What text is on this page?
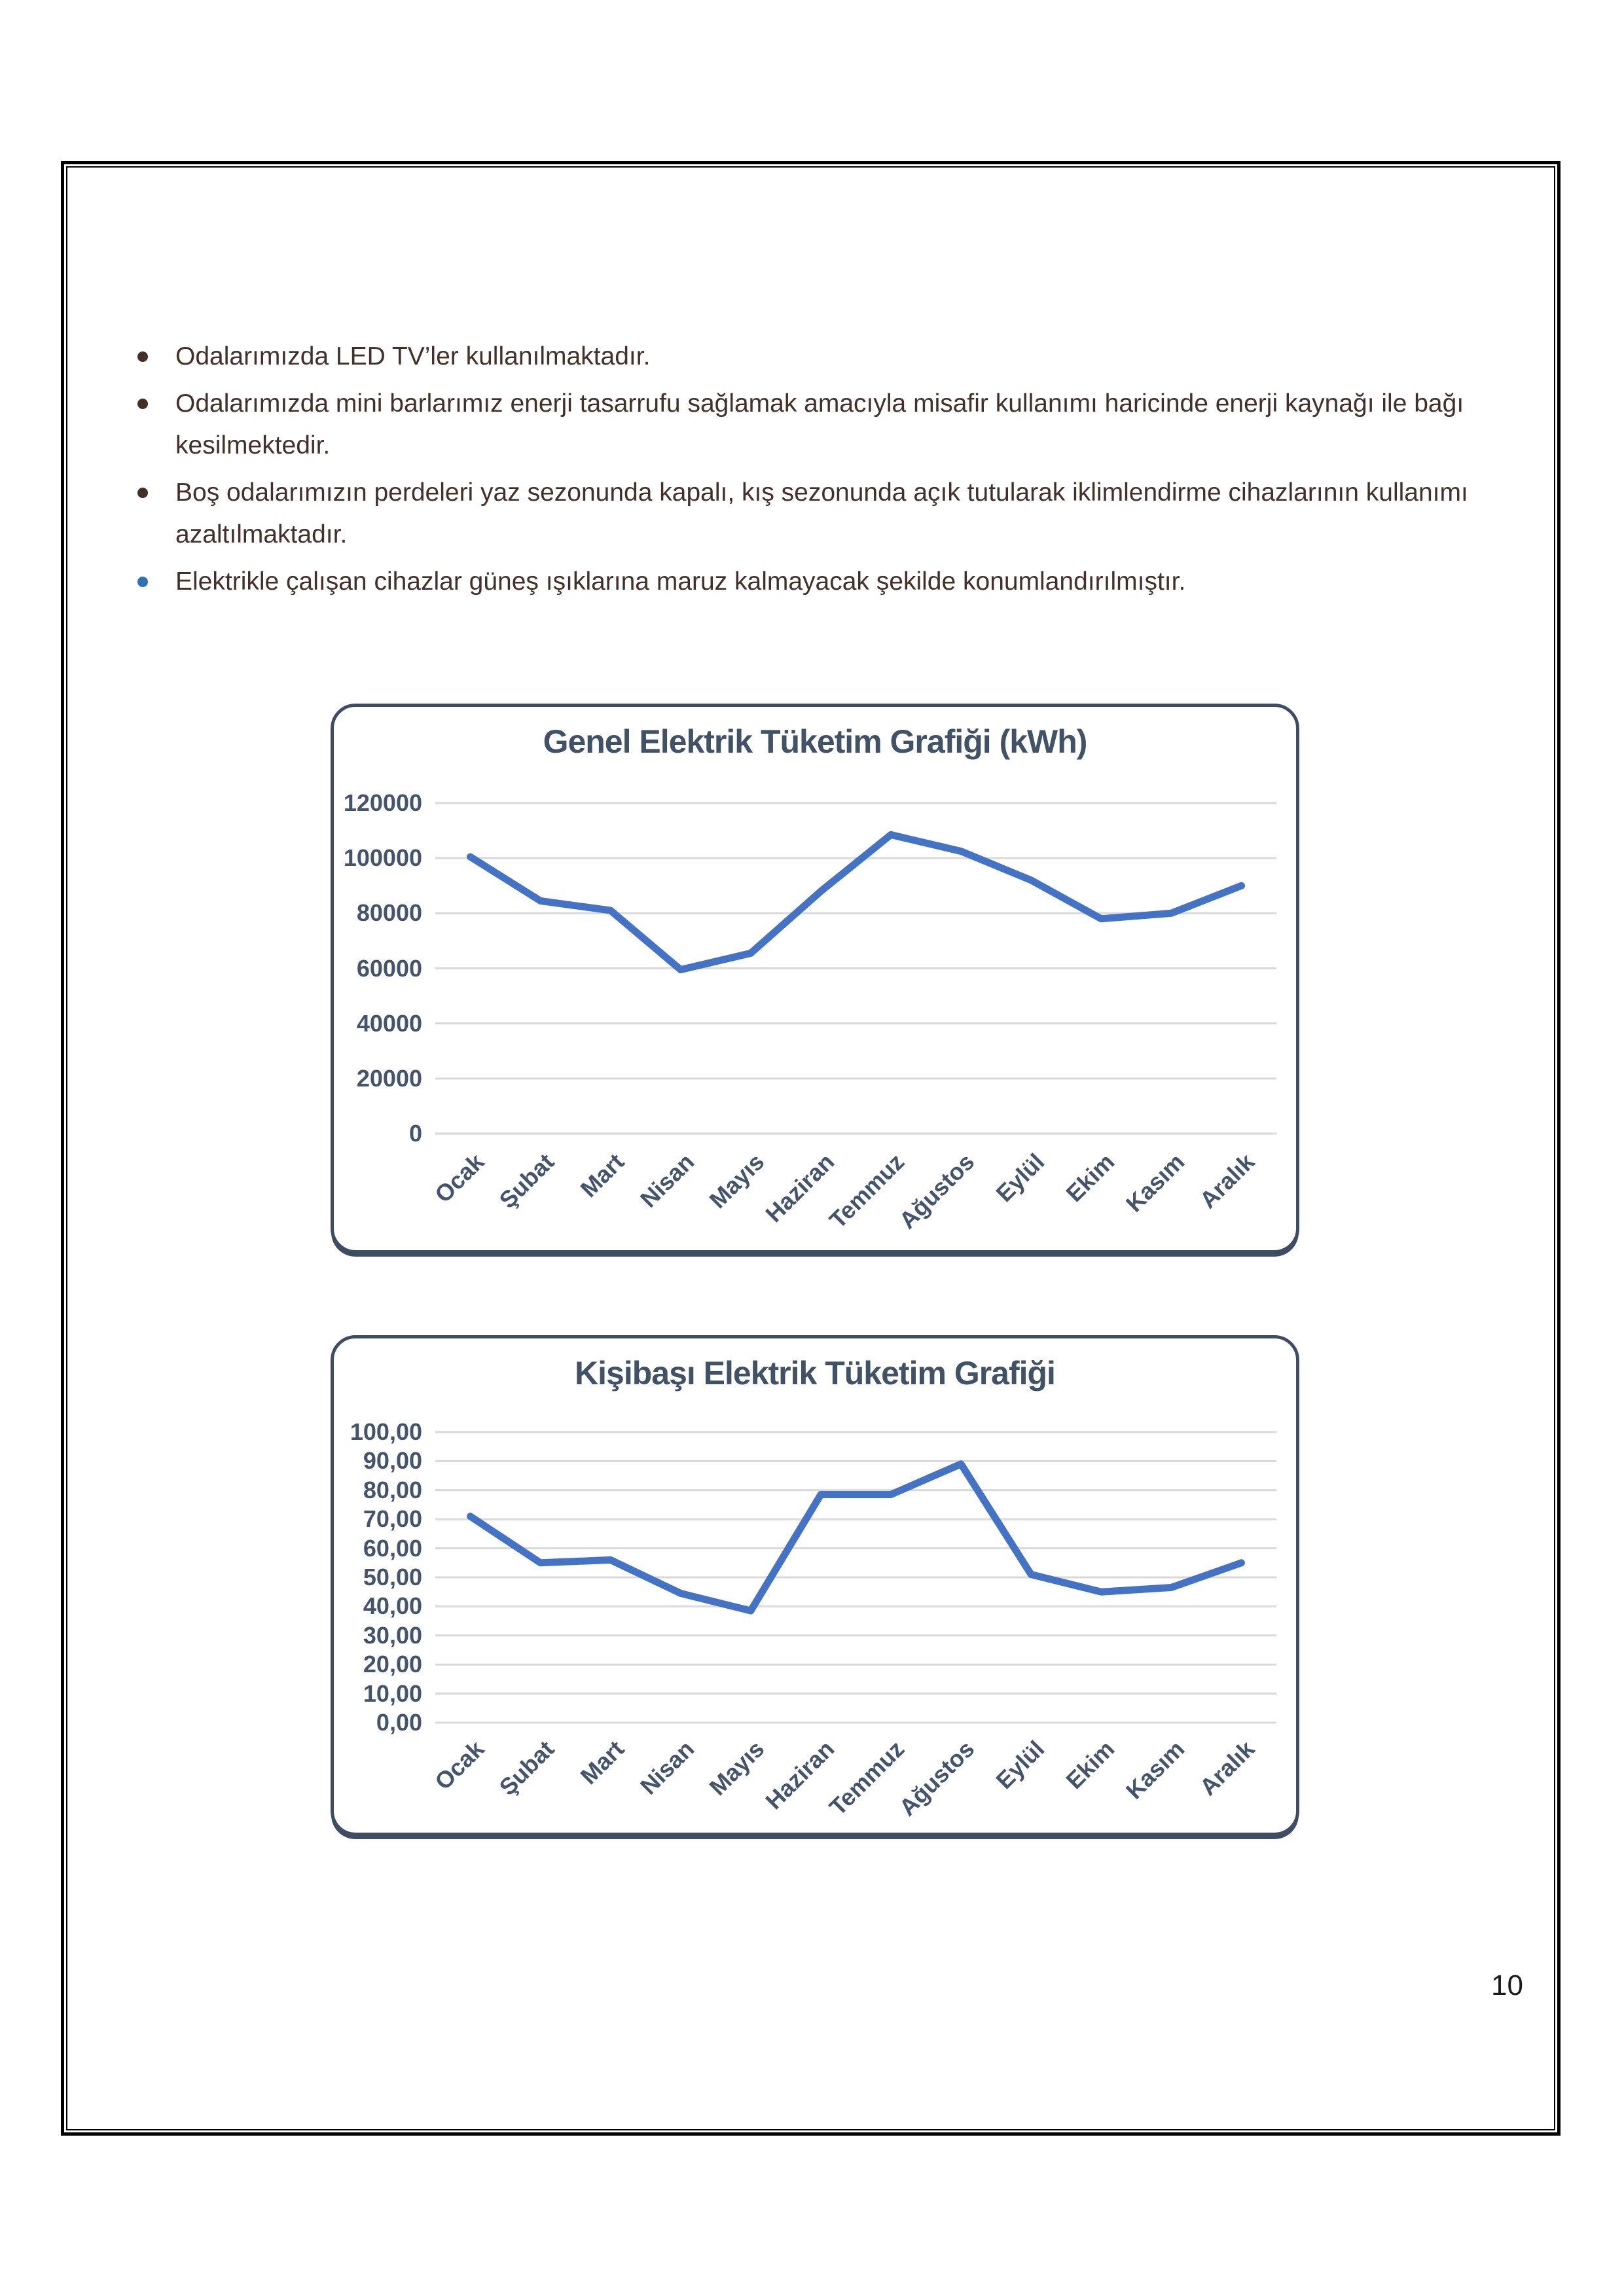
Odalarımızda LED TV’ler kullanılmaktadır.
Odalarımızda mini barlarımız enerji tasarrufu sağlamak amacıyla misafir kullanımı haricinde enerji kaynağı ile bağı kesilmektedir.
Boş odalarımızın perdeleri yaz sezonunda kapalı, kış sezonunda açık tutularak iklimlendirme cihazlarının kullanımı azaltılmaktadır.
Elektrikle çalışan cihazlar güneş ışıklarına maruz kalmayacak şekilde konumlandırılmıştır.
Genel Elektrik Tüketim Grafiği (kWh)
120000
100000
80000
60000
40000
20000
0
Ocak Şubat Mart Nisan Mayıs
Haziran
Temmuz
Ağustos Eylül Ekim Kasım Aralık
Kişibaşı Elektrik Tüketim Grafiği
100,00
90,00
80,00
70,00
60,00
50,00
40,00
30,00
20,00
10,00
0,00
Ocak Şubat Mart Nisan Mayıs
Haziran
Temmuz
Ağustos Eylül Ekim Kasım Aralık
10
